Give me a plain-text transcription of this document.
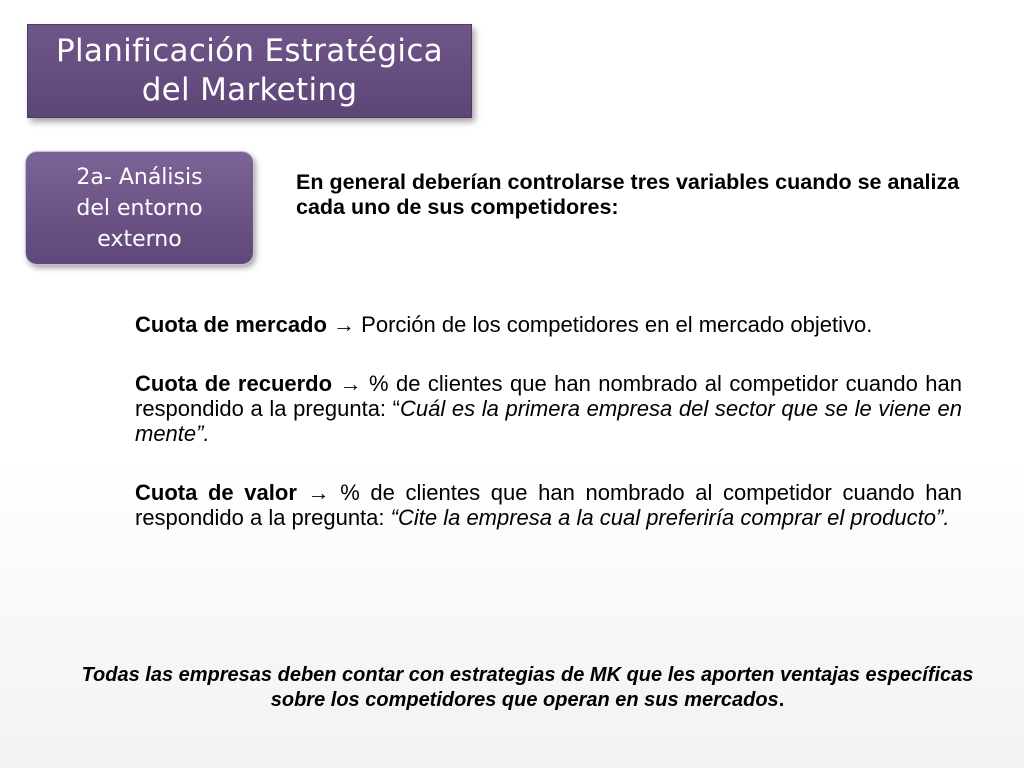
Planificación Estratégica
del Marketing
2a- Análisis
del entorno
externo
En general deberían controlarse tres variables cuando se analiza cada uno de sus competidores:

Cuota de mercado → Porción de los competidores en el mercado objetivo.

Cuota de recuerdo → % de clientes que han nombrado al competidor cuando han respondido a la pregunta: “Cuál es la primera empresa del sector que se le viene en mente”.

Cuota de valor → % de clientes que han nombrado al competidor cuando han respondido a la pregunta: “Cite la empresa a la cual preferiría comprar el producto”.

Todas las empresas deben contar con estrategias de MK que les aporten ventajas específicas sobre los competidores que operan en sus mercados.
